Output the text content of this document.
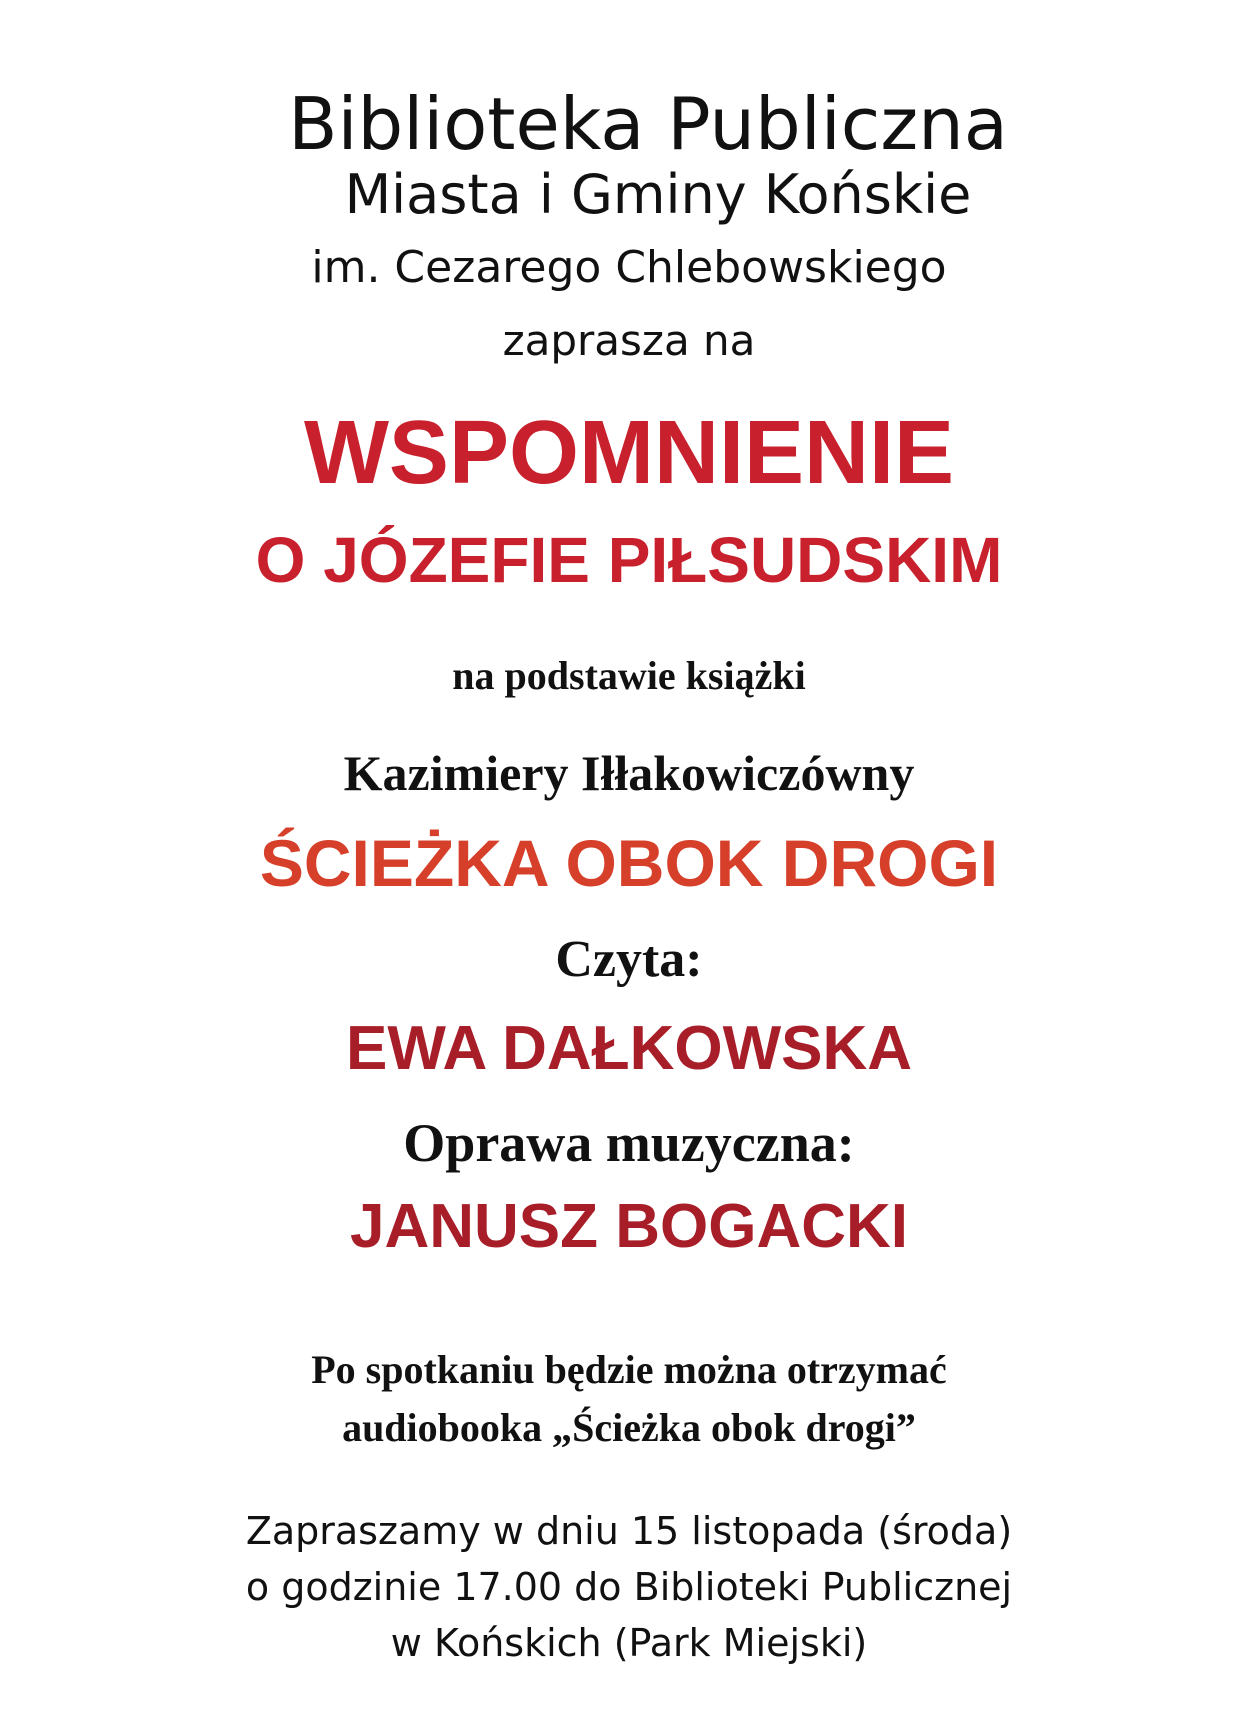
Biblioteka Publiczna
Miasta i Gminy Końskie
im. Cezarego Chlebowskiego
zaprasza na
WSPOMNIENIE
O JÓZEFIE PIŁSUDSKIM
na podstawie książki
Kazimiery Iłłakowiczówny
ŚCIEŻKA OBOK DROGI
Czyta:
EWA DAŁKOWSKA
Oprawa muzyczna:
JANUSZ BOGACKI
Po spotkaniu będzie można otrzymać
audiobooka „Ścieżka obok drogi”
Zapraszamy w dniu 15 listopada (środa)
o godzinie 17.00 do Biblioteki Publicznej
w Końskich (Park Miejski)
